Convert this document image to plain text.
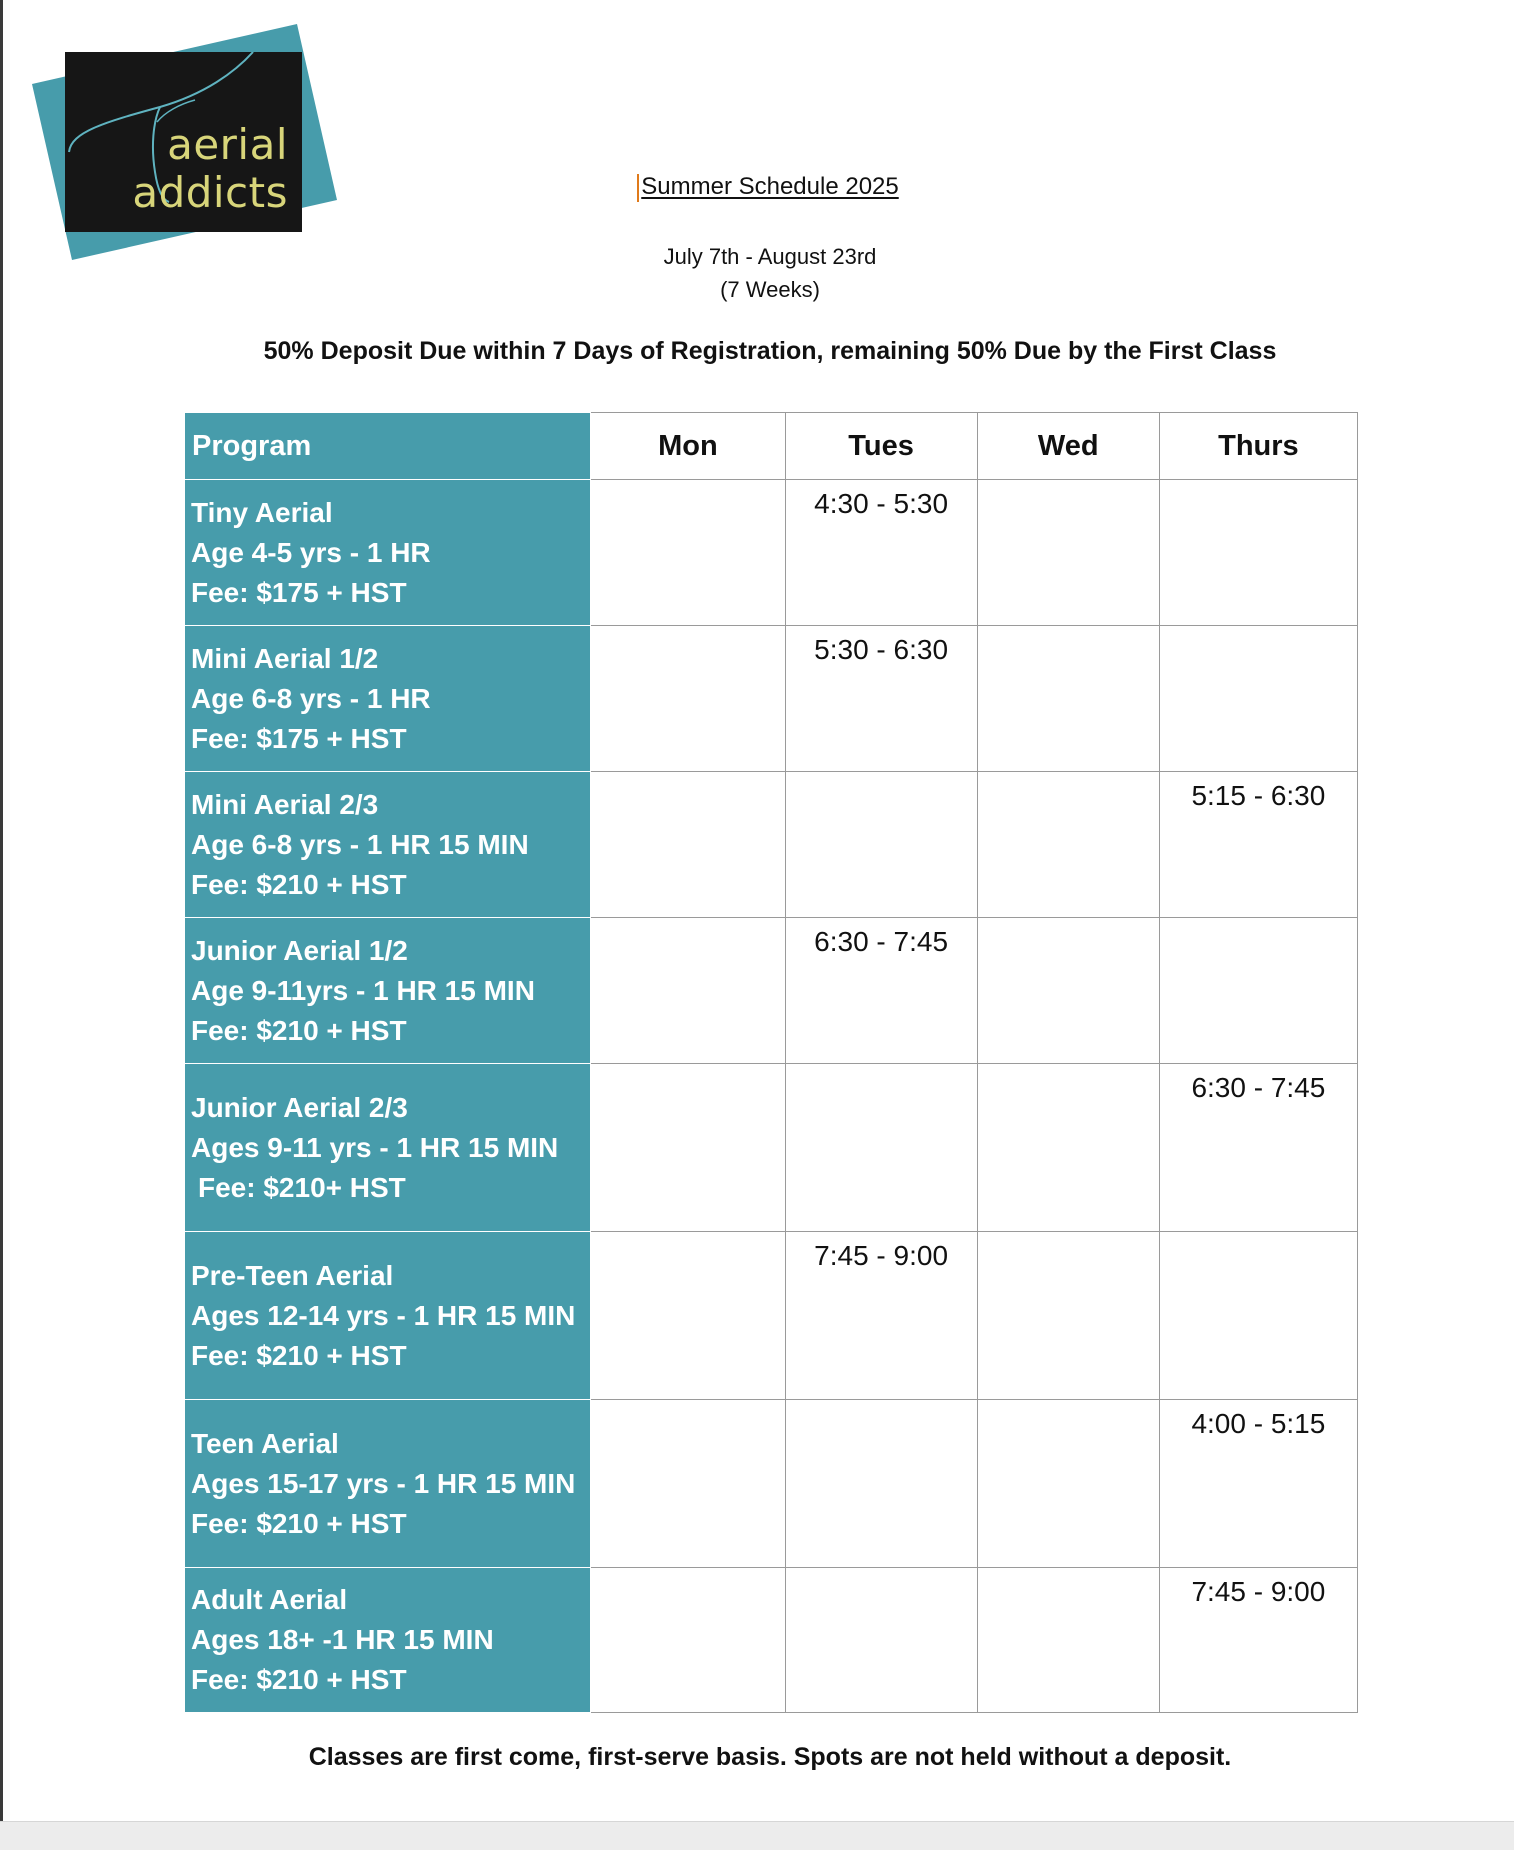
aerial
addicts	Summer Schedule 2025
July 7th - August 23rd
(7 Weeks)
50% Deposit Due within 7 Days of Registration, remaining 50% Due by the First Class
Program	Mon	Tues	Wed	Thurs

Tiny Aerial
Age 4-5 yrs - 1 HR
Fee: $175 + HST		4:30 - 5:30		

Mini Aerial 1/2
Age 6-8 yrs - 1 HR
Fee: $175 + HST		5:30 - 6:30		

Mini Aerial 2/3
Age 6-8 yrs - 1 HR 15 MIN
Fee: $210 + HST				5:15 - 6:30

Junior Aerial 1/2
Age 9-11yrs - 1 HR 15 MIN
Fee: $210 + HST		6:30 - 7:45		

Junior Aerial 2/3
Ages 9-11 yrs - 1 HR 15 MIN
Fee: $210+ HST				6:30 - 7:45

Pre-Teen Aerial
Ages 12-14 yrs - 1 HR 15 MIN
Fee: $210 + HST		7:45 - 9:00		

Teen Aerial
Ages 15-17 yrs - 1 HR 15 MIN
Fee: $210 + HST				4:00 - 5:15

Adult Aerial
Ages 18+ -1 HR 15 MIN
Fee: $210 + HST				7:45 - 9:00
Classes are first come, first-serve basis. Spots are not held without a deposit.
